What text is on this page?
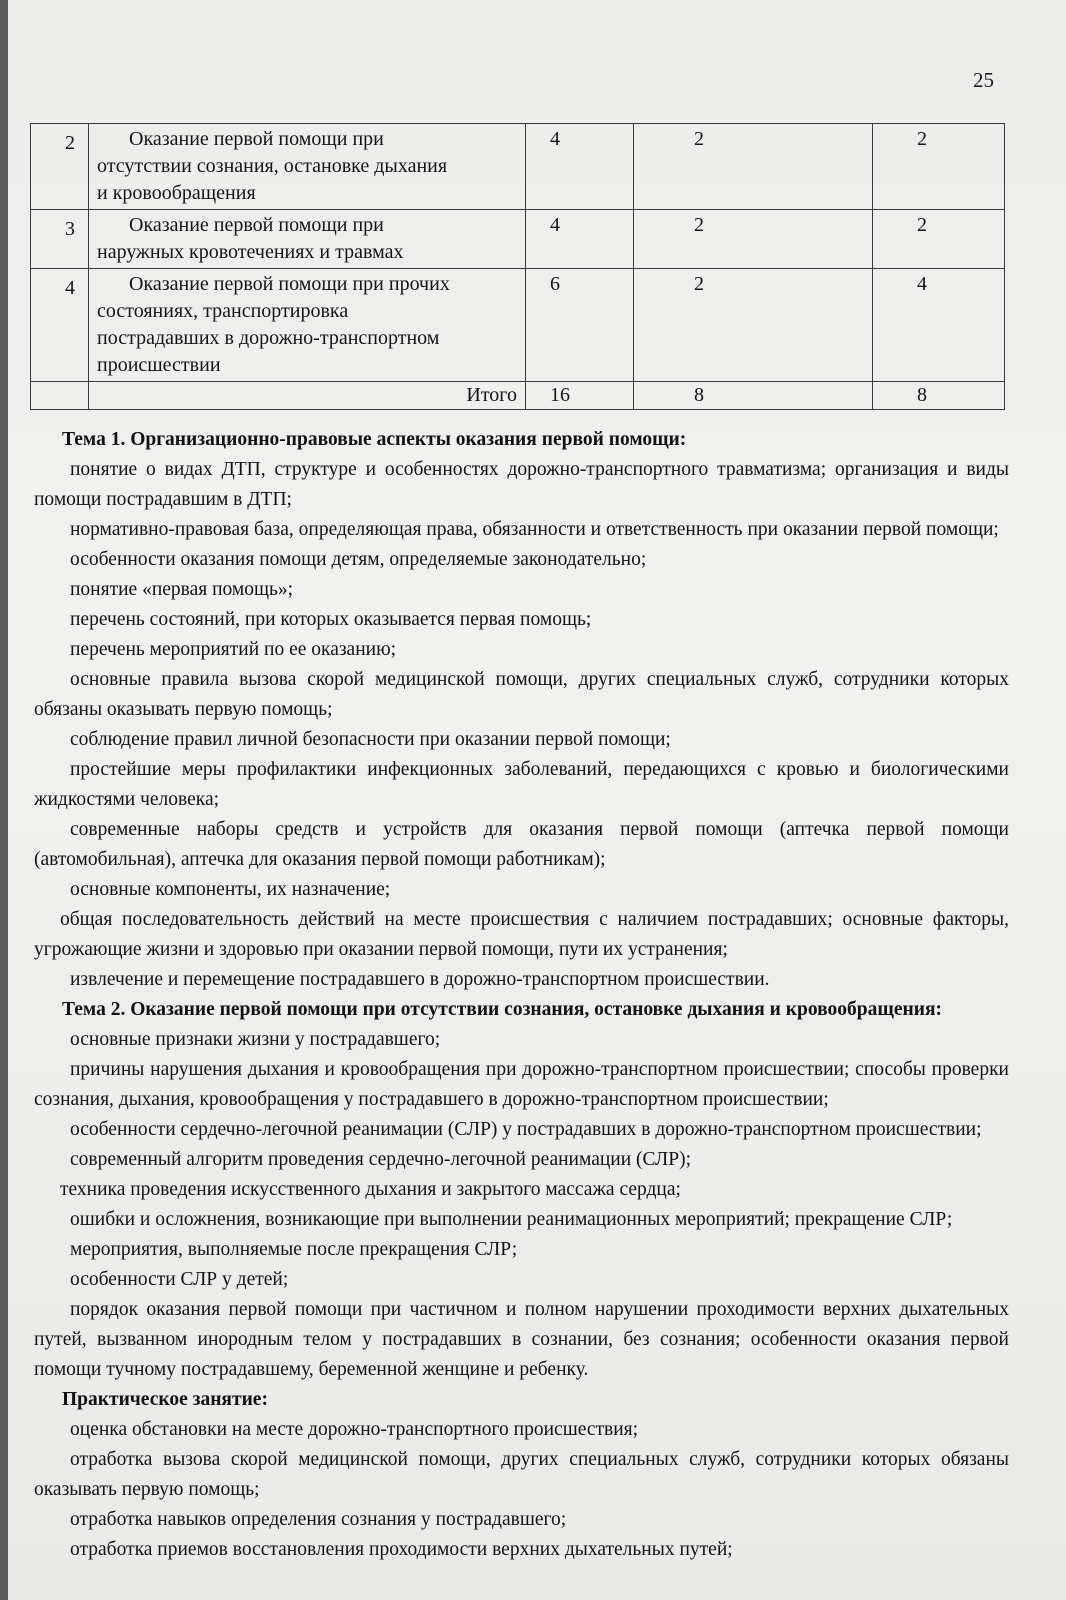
25
2	Оказание первой помощи при
отсутствии сознания, остановке дыхания
и кровообращения	4	2	2
3	Оказание первой помощи при
наружных кровотечениях и травмах	4	2	2
4	Оказание первой помощи при прочих
состояниях, транспортировка
пострадавших в дорожно-транспортном
происшествии	6	2	4
	Итого	16	8	8

Тема 1. Организационно-правовые аспекты оказания первой помощи:

понятие о видах ДТП, структуре и особенностях дорожно-транспортного травматизма; организация и виды помощи пострадавшим в ДТП;

нормативно-правовая база, определяющая права, обязанности и ответственность при оказании первой помощи;

особенности оказания помощи детям, определяемые законодательно;

понятие «первая помощь»;

перечень состояний, при которых оказывается первая помощь;

перечень мероприятий по ее оказанию;

основные правила вызова скорой медицинской помощи, других специальных служб, сотрудники которых обязаны оказывать первую помощь;

соблюдение правил личной безопасности при оказании первой помощи;

простейшие меры профилактики инфекционных заболеваний, передающихся с кровью и биологическими жидкостями человека;

современные наборы средств и устройств для оказания первой помощи (аптечка первой помощи (автомобильная), аптечка для оказания первой помощи работникам);

основные компоненты, их назначение;

общая последовательность действий на месте происшествия с наличием пострадавших; основные факторы, угрожающие жизни и здоровью при оказании первой помощи, пути их устранения;

извлечение и перемещение пострадавшего в дорожно-транспортном происшествии.

Тема 2. Оказание первой помощи при отсутствии сознания, остановке дыхания и кровообращения:

основные признаки жизни у пострадавшего;

причины нарушения дыхания и кровообращения при дорожно-транспортном происшествии; способы проверки сознания, дыхания, кровообращения у пострадавшего в дорожно-транспортном происшествии;

особенности сердечно-легочной реанимации (СЛР) у пострадавших в дорожно-транспортном происшествии;

современный алгоритм проведения сердечно-легочной реанимации (СЛР);

техника проведения искусственного дыхания и закрытого массажа сердца;

ошибки и осложнения, возникающие при выполнении реанимационных мероприятий; прекращение СЛР;

мероприятия, выполняемые после прекращения СЛР;

особенности СЛР у детей;

порядок оказания первой помощи при частичном и полном нарушении проходимости верхних дыхательных путей, вызванном инородным телом у пострадавших в сознании, без сознания; особенности оказания первой помощи тучному пострадавшему, беременной женщине и ребенку.

Практическое занятие:

оценка обстановки на месте дорожно-транспортного происшествия;

отработка вызова скорой медицинской помощи, других специальных служб, сотрудники которых обязаны оказывать первую помощь;

отработка навыков определения сознания у пострадавшего;

отработка приемов восстановления проходимости верхних дыхательных путей;
